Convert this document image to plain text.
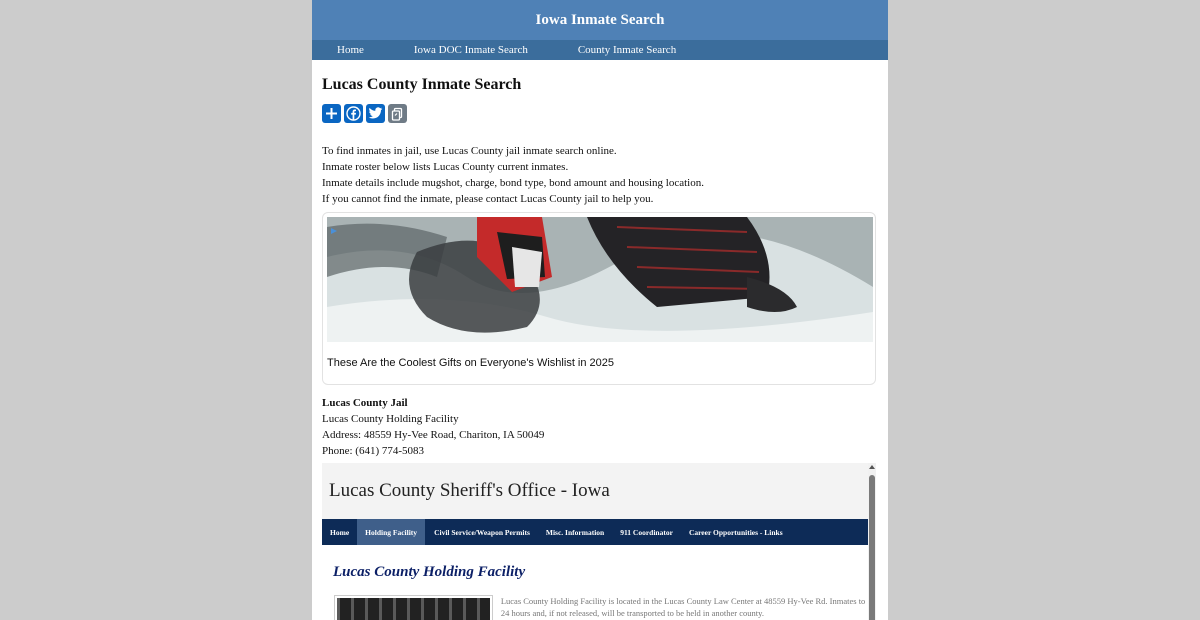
Iowa Inmate Search
Home	Iowa DOC Inmate Search	County Inmate Search
Lucas County Inmate Search

To find inmates in jail, use Lucas County jail inmate search online.

Inmate roster below lists Lucas County current inmates.

Inmate details include mugshot, charge, bond type, bond amount and housing location.

If you cannot find the inmate, please contact Lucas County jail to help you.

These Are the Coolest Gifts on Everyone's Wishlist in 2025

Lucas County Jail

Lucas County Holding Facility

Address: 48559 Hy-Vee Road, Chariton, IA 50049

Phone: (641) 774-5083

Lucas County Sheriff's Office - Iowa
Home	Holding Facility	Civil Service/Weapon Permits	Misc. Information	911 Coordinator	Career Opportunities - Links
Lucas County Holding Facility
Lucas County Holding Facility is located in the Lucas County Law Center at 48559 Hy-Vee Rd. Inmates to 24 hours and, if not released, will be transported to be held in another county.
